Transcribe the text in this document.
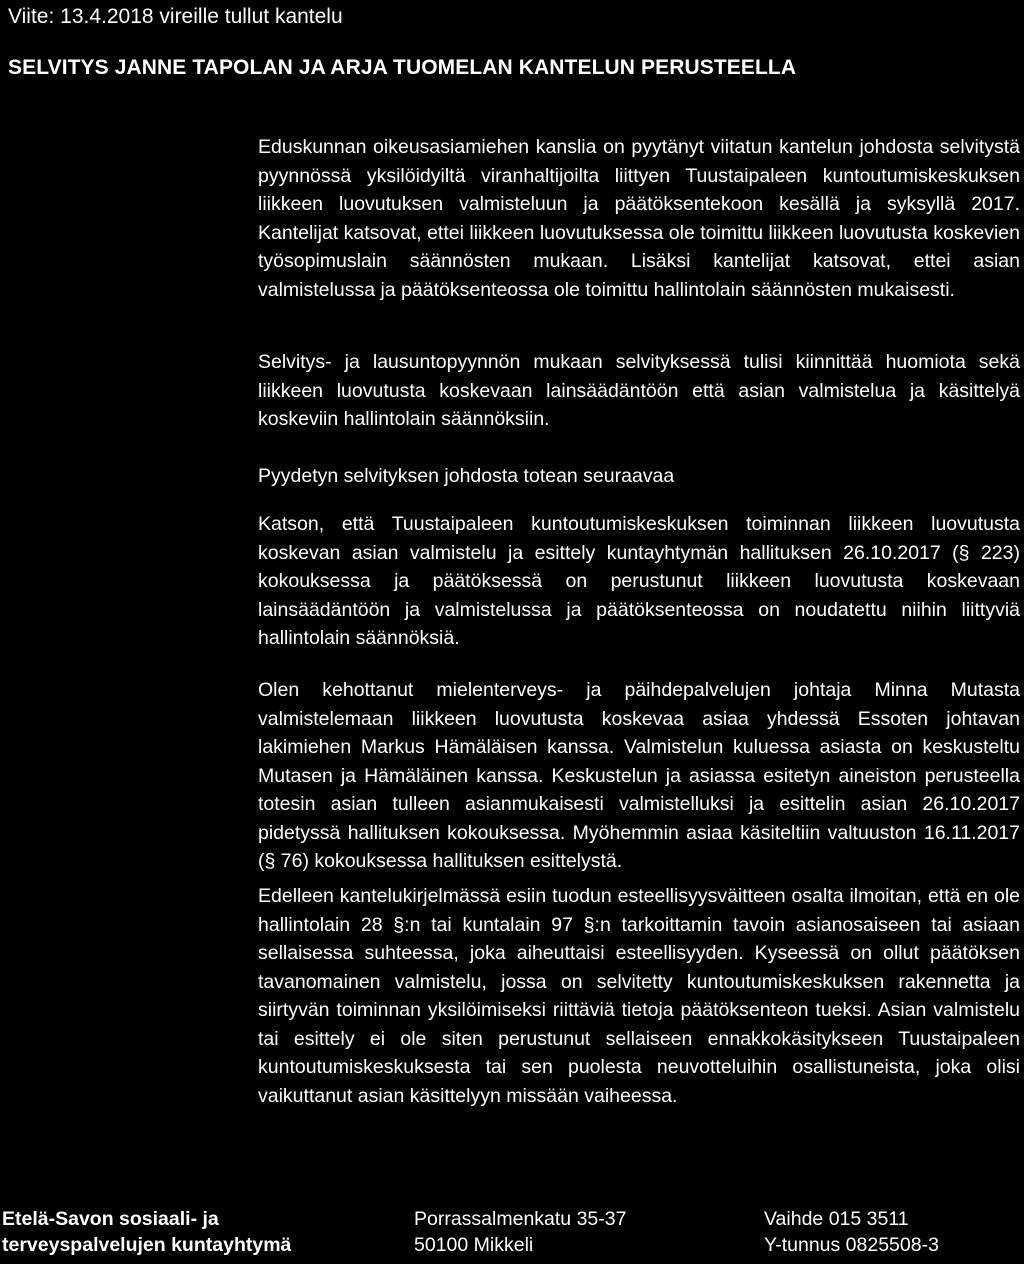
Viite: 13.4.2018 vireille tullut kantelu

SELVITYS JANNE TAPOLAN JA ARJA TUOMELAN KANTELUN PERUSTEELLA

Eduskunnan oikeusasiamiehen kanslia on pyytänyt viitatun kantelun johdosta selvitystä pyynnössä yksilöidyiltä viranhaltijoilta liittyen Tuustaipaleen kuntoutumiskeskuksen liikkeen luovutuksen valmisteluun ja päätöksentekoon kesällä ja syksyllä 2017. Kantelijat katsovat, ettei liikkeen luovutuksessa ole toimittu liikkeen luovutusta koskevien työsopimuslain säännösten mukaan. Lisäksi kantelijat katsovat, ettei asian valmistelussa ja päätöksenteossa ole toimittu hallintolain säännösten mukaisesti.

Selvitys- ja lausuntopyynnön mukaan selvityksessä tulisi kiinnittää huomiota sekä liikkeen luovutusta koskevaan lainsäädäntöön että asian valmistelua ja käsittelyä koskeviin hallintolain säännöksiin.

Pyydetyn selvityksen johdosta totean seuraavaa

Katson, että Tuustaipaleen kuntoutumiskeskuksen toiminnan liikkeen luovutusta koskevan asian valmistelu ja esittely kuntayhtymän hallituksen 26.10.2017 (§ 223) kokouksessa ja päätöksessä on perustunut liikkeen luovutusta koskevaan lainsäädäntöön ja valmistelussa ja päätöksenteossa on noudatettu niihin liittyviä hallintolain säännöksiä.

Olen kehottanut mielenterveys- ja päihdepalvelujen johtaja Minna Mutasta valmistelemaan liikkeen luovutusta koskevaa asiaa yhdessä Essoten johtavan lakimiehen Markus Hämäläisen kanssa. Valmistelun kuluessa asiasta on keskusteltu Mutasen ja Hämäläinen kanssa. Keskustelun ja asiassa esitetyn aineiston perusteella totesin asian tulleen asianmukaisesti valmistelluksi ja esittelin asian 26.10.2017 pidetyssä hallituksen kokouksessa. Myöhemmin asiaa käsiteltiin valtuuston 16.11.2017 (§ 76) kokouksessa hallituksen esittelystä.

Edelleen kantelukirjelmässä esiin tuodun esteellisyysväitteen osalta ilmoitan, että en ole hallintolain 28 §:n tai kuntalain 97 §:n tarkoittamin tavoin asianosaiseen tai asiaan sellaisessa suhteessa, joka aiheuttaisi esteellisyyden. Kyseessä on ollut päätöksen tavanomainen valmistelu, jossa on selvitetty kuntoutumiskeskuksen rakennetta ja siirtyvän toiminnan yksilöimiseksi riittäviä tietoja päätöksenteon tueksi. Asian valmistelu tai esittely ei ole siten perustunut sellaiseen ennakkokäsitykseen Tuustaipaleen kuntoutumiskeskuksesta tai sen puolesta neuvotteluihin osallistuneista, joka olisi vaikuttanut asian käsittelyyn missään vaiheessa.

Etelä-Savon sosiaali- ja
terveyspalvelujen kuntayhtymä
Porrassalmenkatu 35-37
50100 Mikkeli
Vaihde 015 3511
Y-tunnus 0825508-3
